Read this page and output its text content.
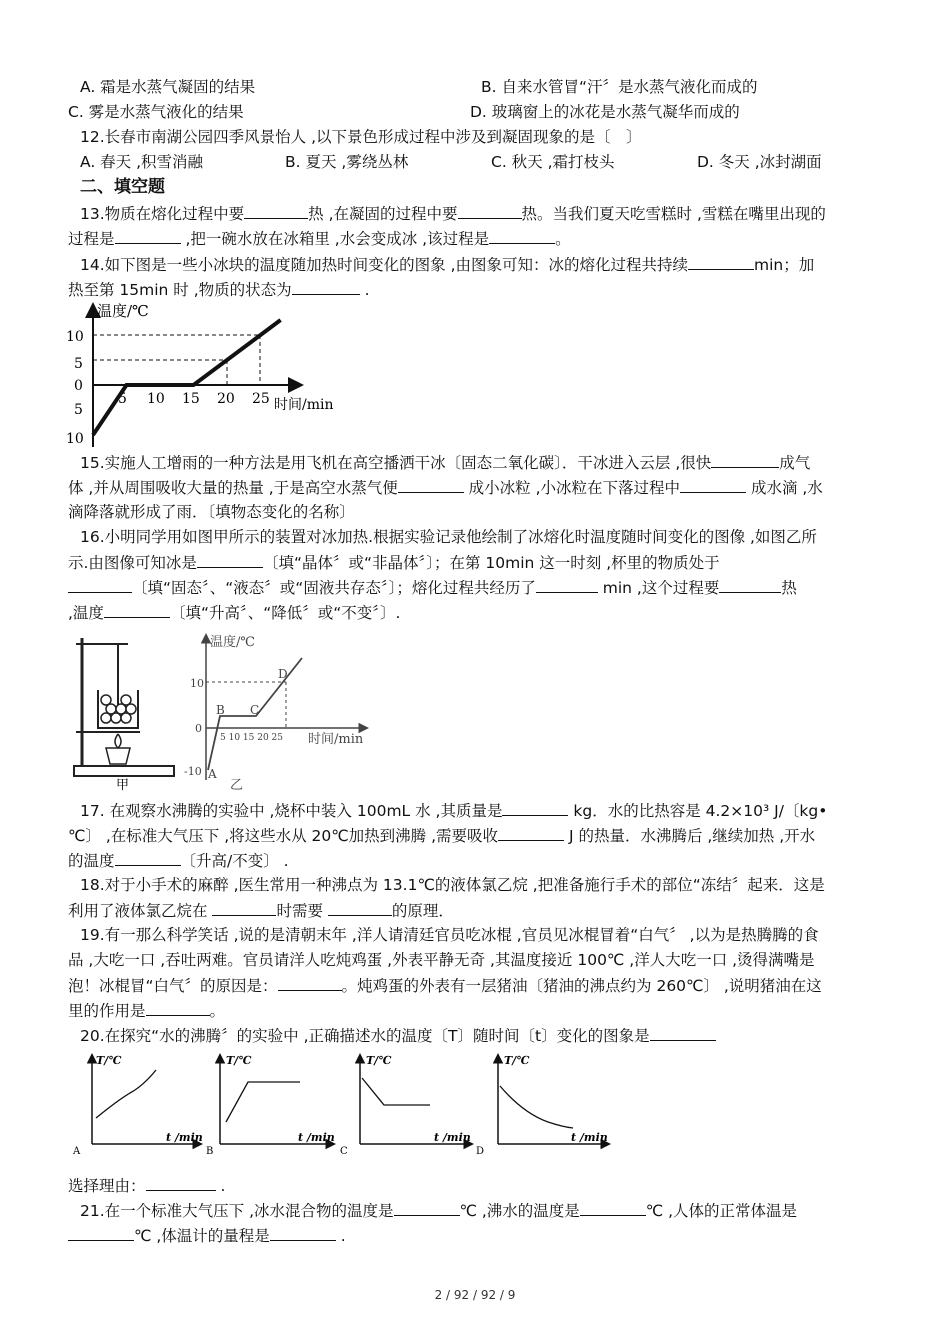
A. 霜是水蒸气凝固的结果	B. 自来水管冒“汗〞是水蒸气液化而成的
C. 雾是水蒸气液化的结果	D. 玻璃窗上的冰花是水蒸气凝华而成的
12.长春市南湖公园四季风景怡人 ,以下景色形成过程中涉及到凝固现象的是〔　〕
A. 春天 ,积雪消融	B. 夏天 ,雾绕丛林	C. 秋天 ,霜打枝头	D. 冬天 ,冰封湖面
二、填空题
13.物质在熔化过程中要	热 ,在凝固的过程中要	热。当我们夏天吃雪糕时 ,雪糕在嘴里出现的
过程是	,把一碗水放在冰箱里 ,水会变成冰 ,该过程是	。
14.如下图是一些小冰块的温度随加热时间变化的图象 ,由图象可知：冰的熔化过程共持续	min；加
热至第 15min 时 ,物质的状态为	.
温度/℃
时间/min
10
5
0
5
10
5 10 15 20 25
15.实施人工增雨的一种方法是用飞机在高空播洒干冰〔固态二氧化碳〕．干冰进入云层 ,很快	成气
体 ,并从周围吸收大量的热量 ,于是高空水蒸气便	成小冰粒 ,小冰粒在下落过程中	成水滴 ,水
滴降落就形成了雨．〔填物态变化的名称〕
16.小明同学用如图甲所示的装置对冰加热.根据实验记录他绘制了冰熔化时温度随时间变化的图像 ,如图乙所
示.由图像可知冰是	〔填“晶体〞或“非晶体〞〕；在第 10min 这一时刻 ,杯里的物质处于
〔填“固态〞、“液态〞或“固液共存态〞〕；熔化过程共经历了	min ,这个过程要	热
,温度	〔填“升高〞、“降低〞或“不变〞〕.
甲
温度/℃
时间/min
10
0
-10
5 10 15 20 25
A
B C
D
乙
17. 在观察水沸腾的实验中 ,烧杯中装入 100mL 水 ,其质量是	kg．水的比热容是 4.2×10³ J/〔kg•
℃〕 ,在标准大气压下 ,将这些水从 20℃加热到沸腾 ,需要吸收	J 的热量．水沸腾后 ,继续加热 ,开水
的温度	〔升高/不变〕 .
18.对于小手术的麻醉 ,医生常用一种沸点为 13.1℃的液体氯乙烷 ,把准备施行手术的部位“冻结〞起来．这是
利用了液体氯乙烷在	时需要	的原理．
19.有一那么科学笑话 ,说的是清朝末年 ,洋人请清廷官员吃冰棍 ,官员见冰棍冒着“白气〞 ,以为是热腾腾的食
品 ,大吃一口 ,吞吐两难。官员请洋人吃炖鸡蛋 ,外表平静无奇 ,其温度接近 100℃ ,洋人大吃一口 ,烫得满嘴是
泡！冰棍冒“白气〞的原因是：	。炖鸡蛋的外表有一层猪油〔猪油的沸点约为 260℃〕 ,说明猪油在这
里的作用是	。
20.在探究“水的沸腾〞的实验中 ,正确描述水的温度〔T〕随时间〔t〕变化的图象是
T/℃
t /min
A
T/℃
t /min
B
T/℃
t /min
C
T/℃
t /min
D
选择理由：	.
21.在一个标准大气压下 ,冰水混合物的温度是	℃ ,沸水的温度是	℃ ,人体的正常体温是
℃ ,体温计的量程是	.
2 / 92 / 92 / 9
